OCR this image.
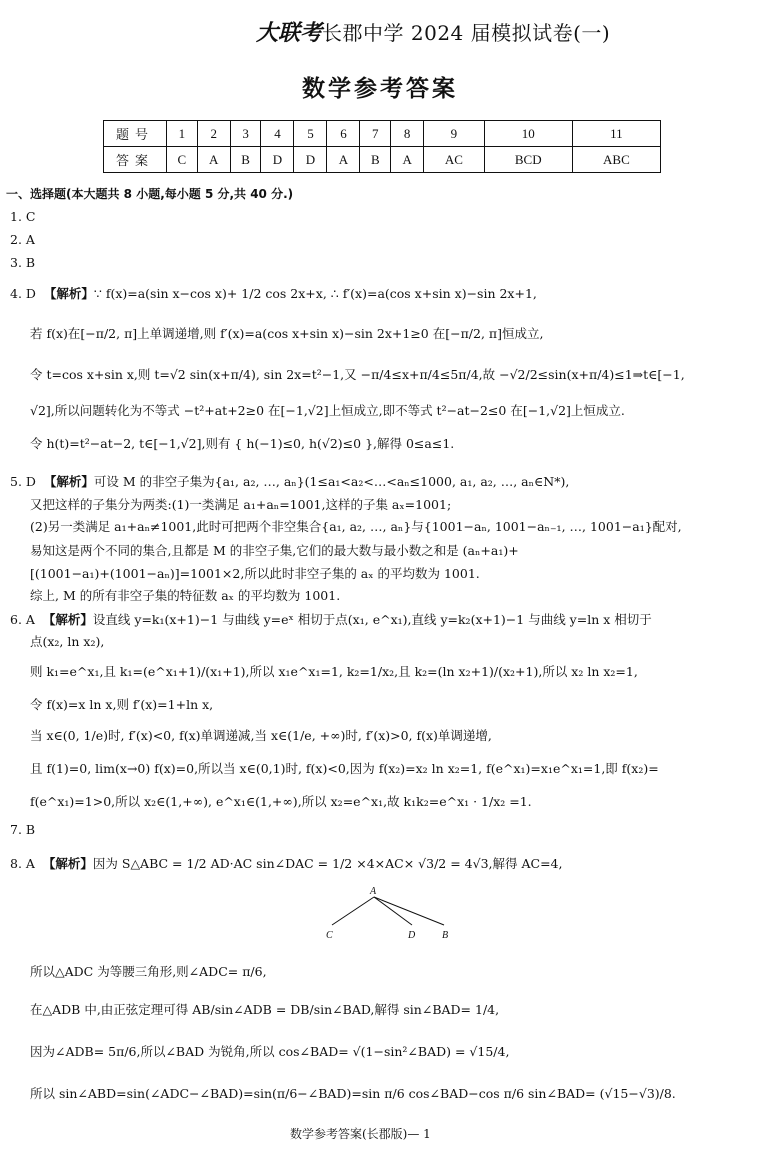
大联考长郡中学 2024 届模拟试卷(一)
数学参考答案
题号	1	2	3	4	5	6	7	8	9	10	11
答案	C	A	B	D	D	A	B	A	AC	BCD	ABC
一、选择题(本大题共 8 小题,每小题 5 分,共 40 分.)
1. C
2. A
3. B
4. D 【解析】∵ f(x)=a(sin x−cos x)+ 1/2 cos 2x+x, ∴ f′(x)=a(cos x+sin x)−sin 2x+1,
若 f(x)在[−π/2, π]上单调递增,则 f′(x)=a(cos x+sin x)−sin 2x+1≥0 在[−π/2, π]恒成立,
令 t=cos x+sin x,则 t=√2 sin(x+π/4), sin 2x=t²−1,又 −π/4≤x+π/4≤5π/4,故 −√2/2≤sin(x+π/4)≤1⇒t∈[−1,
√2],所以问题转化为不等式 −t²+at+2≥0 在[−1,√2]上恒成立,即不等式 t²−at−2≤0 在[−1,√2]上恒成立.
令 h(t)=t²−at−2, t∈[−1,√2],则有 { h(−1)≤0, h(√2)≤0 },解得 0≤a≤1.
5. D 【解析】可设 M 的非空子集为{a₁, a₂, …, aₙ}(1≤a₁<a₂<…<aₙ≤1000, a₁, a₂, …, aₙ∈N*),
又把这样的子集分为两类:(1)一类满足 a₁+aₙ=1001,这样的子集 aₓ=1001;
(2)另一类满足 a₁+aₙ≠1001,此时可把两个非空集合{a₁, a₂, …, aₙ}与{1001−aₙ, 1001−aₙ₋₁, …, 1001−a₁}配对,
易知这是两个不同的集合,且都是 M 的非空子集,它们的最大数与最小数之和是 (aₙ+a₁)+
[(1001−a₁)+(1001−aₙ)]=1001×2,所以此时非空子集的 aₓ 的平均数为 1001.
综上, M 的所有非空子集的特征数 aₓ 的平均数为 1001.
6. A 【解析】设直线 y=k₁(x+1)−1 与曲线 y=eˣ 相切于点(x₁, e^x₁),直线 y=k₂(x+1)−1 与曲线 y=ln x 相切于
点(x₂, ln x₂),
则 k₁=e^x₁,且 k₁=(e^x₁+1)/(x₁+1),所以 x₁e^x₁=1, k₂=1/x₂,且 k₂=(ln x₂+1)/(x₂+1),所以 x₂ ln x₂=1,
令 f(x)=x ln x,则 f′(x)=1+ln x,
当 x∈(0, 1/e)时, f′(x)<0, f(x)单调递减,当 x∈(1/e, +∞)时, f′(x)>0, f(x)单调递增,
且 f(1)=0, lim(x→0) f(x)=0,所以当 x∈(0,1)时, f(x)<0,因为 f(x₂)=x₂ ln x₂=1, f(e^x₁)=x₁e^x₁=1,即 f(x₂)=
f(e^x₁)=1>0,所以 x₂∈(1,+∞), e^x₁∈(1,+∞),所以 x₂=e^x₁,故 k₁k₂=e^x₁ · 1/x₂ =1.
7. B
8. A 【解析】因为 S△ABC = 1/2 AD·AC sin∠DAC = 1/2 ×4×AC× √3/2 = 4√3,解得 AC=4,
A
C	D	B
所以△ADC 为等腰三角形,则∠ADC= π/6,
在△ADB 中,由正弦定理可得 AB/sin∠ADB = DB/sin∠BAD,解得 sin∠BAD= 1/4,
因为∠ADB= 5π/6,所以∠BAD 为锐角,所以 cos∠BAD= √(1−sin²∠BAD) = √15/4,
所以 sin∠ABD=sin(∠ADC−∠BAD)=sin(π/6−∠BAD)=sin π/6 cos∠BAD−cos π/6 sin∠BAD= (√15−√3)/8.
数学参考答案(长郡版)— 1
